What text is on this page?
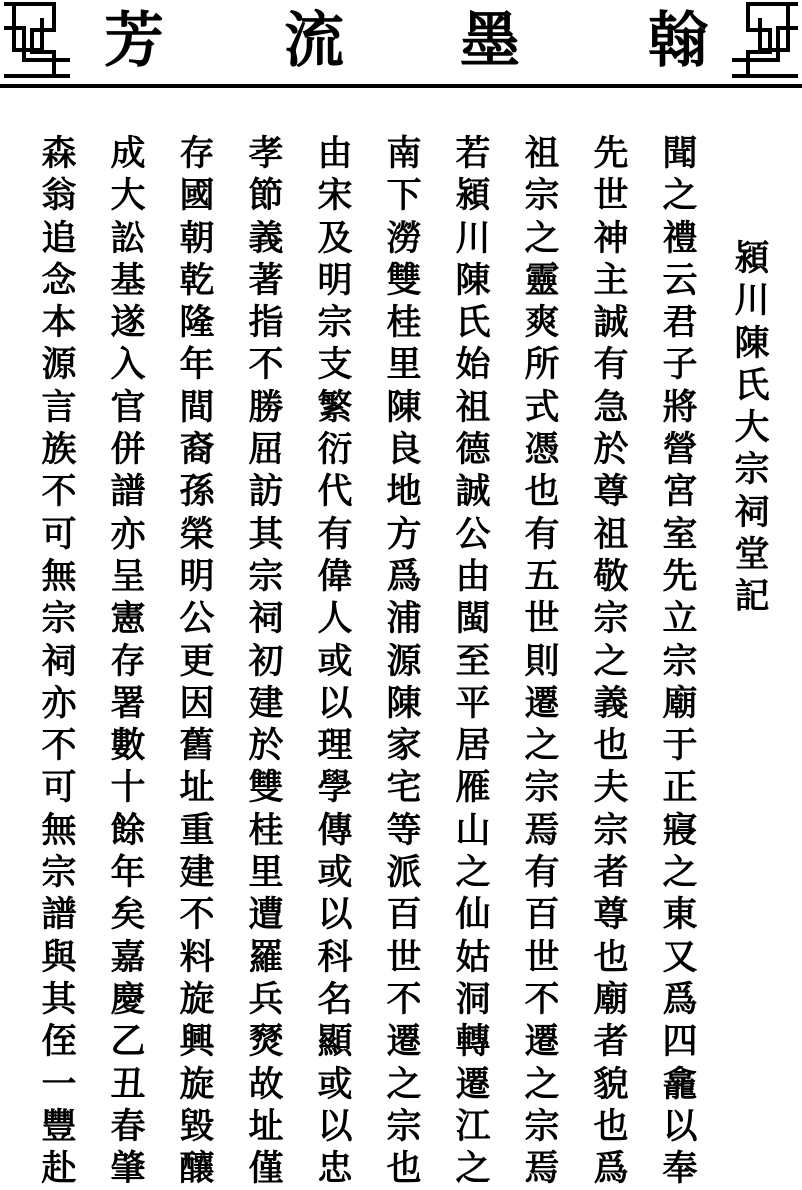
芳 流 墨 翰
潁川陳氏大宗祠堂記
聞之禮云君子將營宮室先立宗廟于正寢之東又爲四龕以奉
先世神主誠有急於尊祖敬宗之義也夫宗者尊也廟者貌也爲
祖宗之靈爽所式憑也有五世則遷之宗焉有百世不遷之宗焉
若潁川陳氏始祖德誠公由閩至平居雁山之仙姑洞轉遷江之
南下澇雙桂里陳良地方爲浦源陳家宅等派百世不遷之宗也
由宋及明宗支繁衍代有偉人或以理學傳或以科名顯或以忠
孝節義著指不勝屈訪其宗祠初建於雙桂里遭羅兵燹故址僅
存國朝乾隆年間裔孫榮明公更因舊址重建不料旋興旋毀釀
成大訟基遂入官併譜亦呈憲存署數十餘年矣嘉慶乙丑春肇
森翁追念本源言族不可無宗祠亦不可無宗譜與其侄一豐赴
